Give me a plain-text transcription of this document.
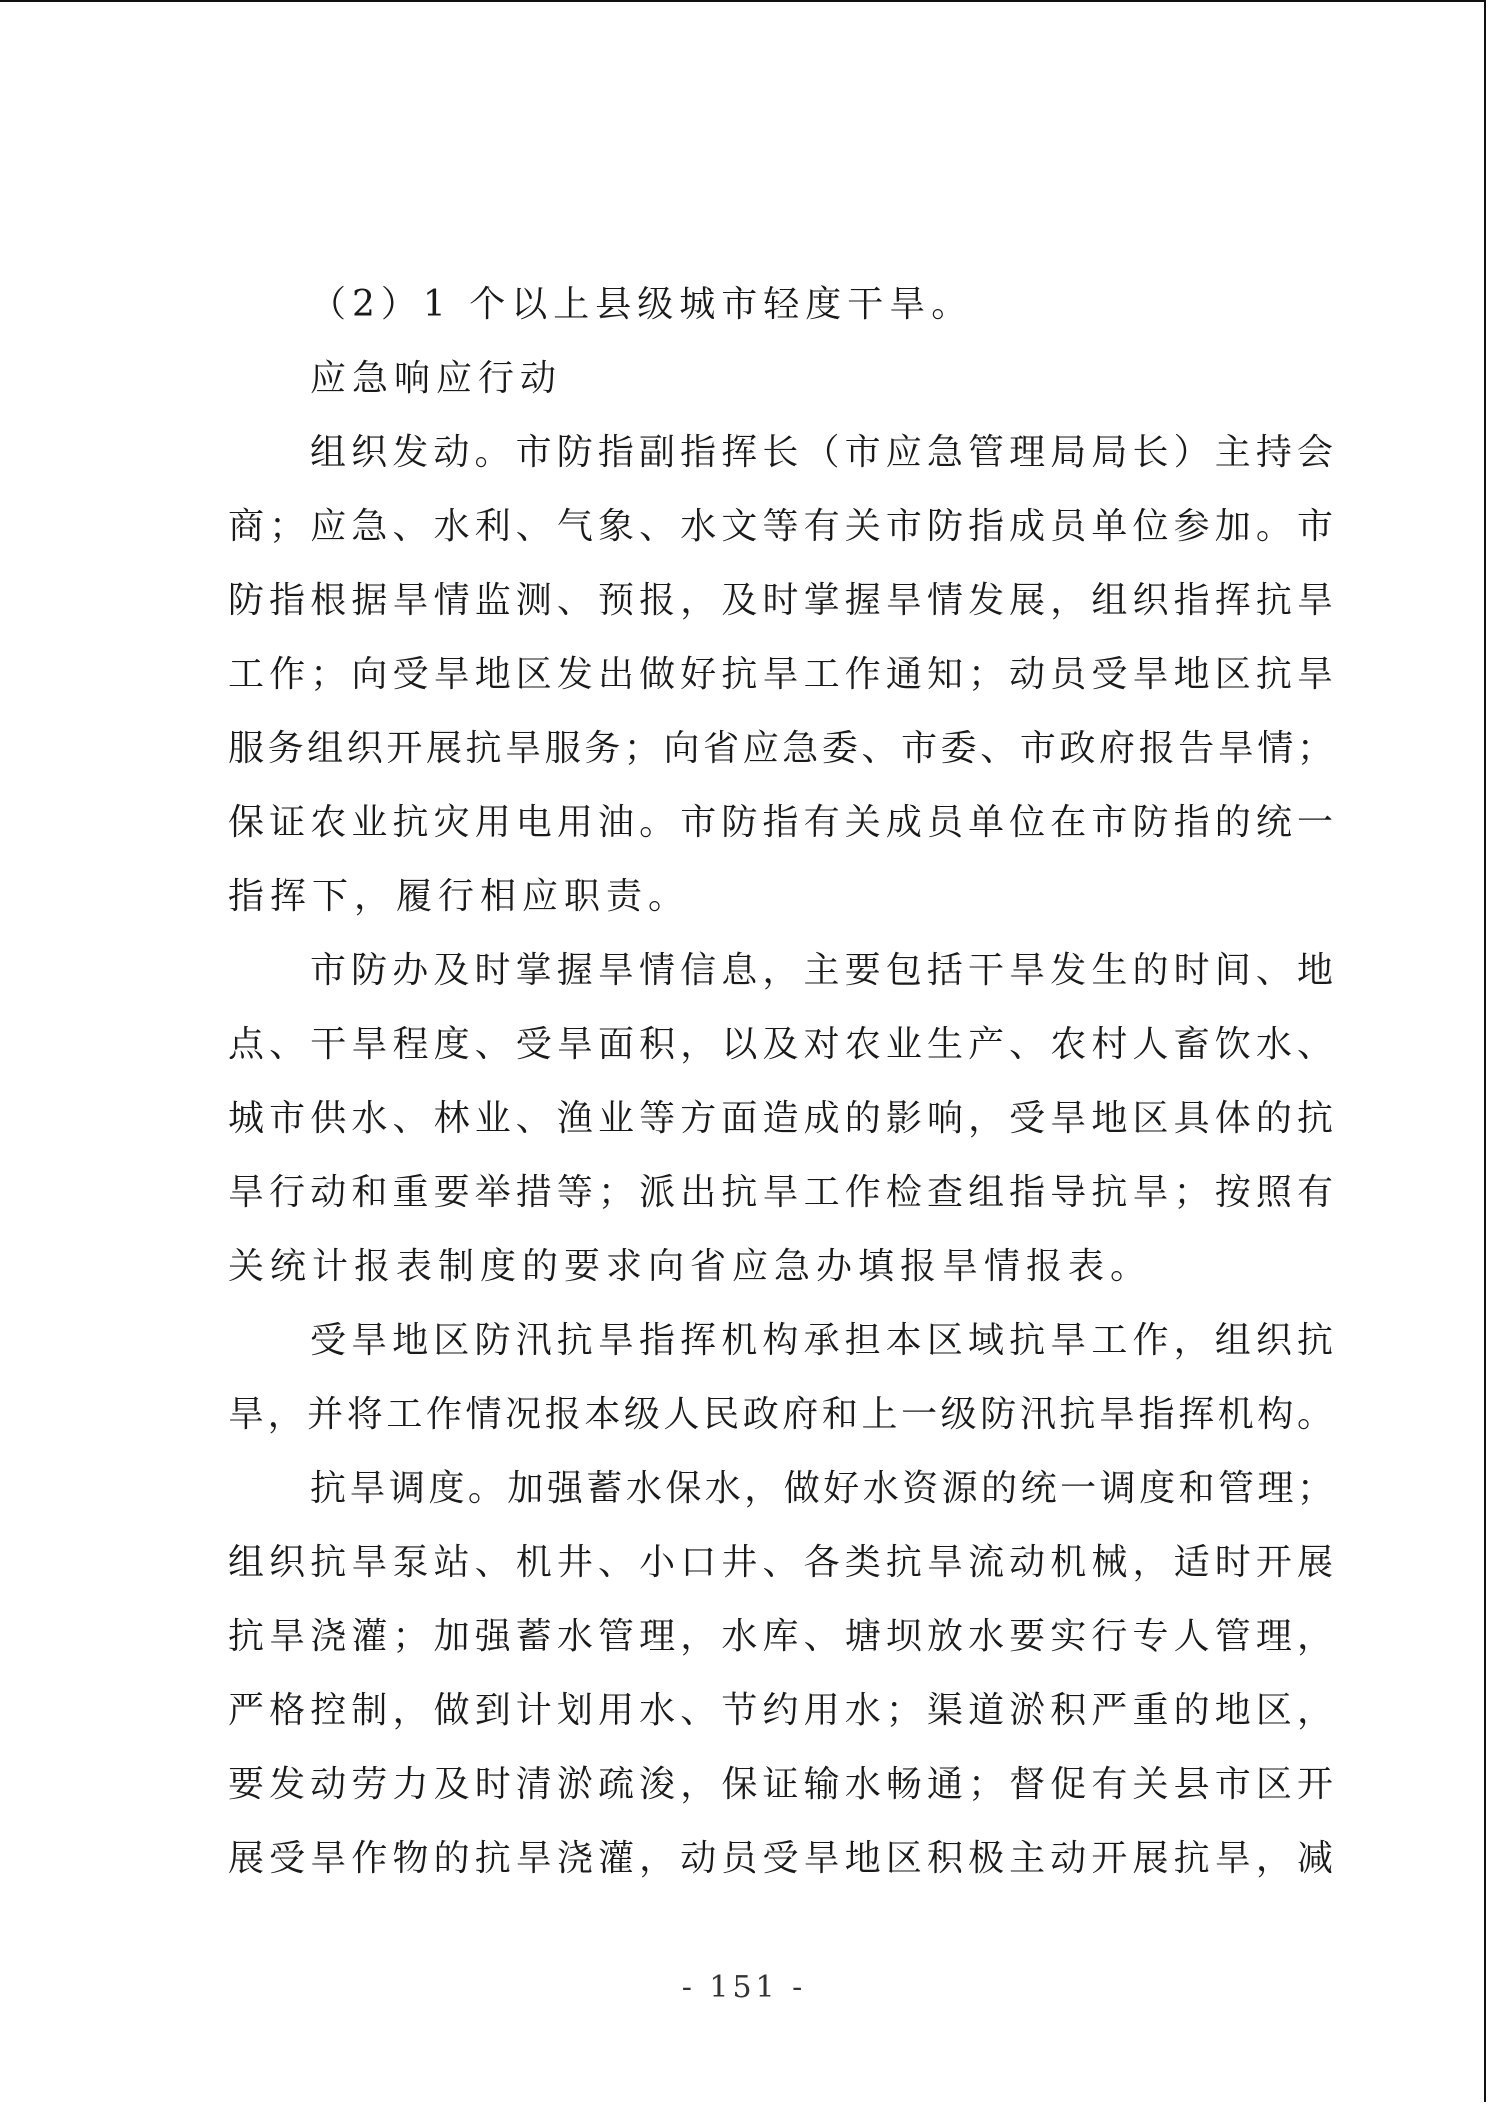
（2）1 个以上县级城市轻度干旱。
应急响应行动
组织发动。市防指副指挥长（市应急管理局局长）主持会
商；应急、水利、气象、水文等有关市防指成员单位参加。市
防指根据旱情监测、预报，及时掌握旱情发展，组织指挥抗旱
工作；向受旱地区发出做好抗旱工作通知；动员受旱地区抗旱
服务组织开展抗旱服务；向省应急委、市委、市政府报告旱情；
保证农业抗灾用电用油。市防指有关成员单位在市防指的统一
指挥下，履行相应职责。
市防办及时掌握旱情信息，主要包括干旱发生的时间、地
点、干旱程度、受旱面积，以及对农业生产、农村人畜饮水、
城市供水、林业、渔业等方面造成的影响，受旱地区具体的抗
旱行动和重要举措等；派出抗旱工作检查组指导抗旱；按照有
关统计报表制度的要求向省应急办填报旱情报表。
受旱地区防汛抗旱指挥机构承担本区域抗旱工作，组织抗
旱，并将工作情况报本级人民政府和上一级防汛抗旱指挥机构。
抗旱调度。加强蓄水保水，做好水资源的统一调度和管理；
组织抗旱泵站、机井、小口井、各类抗旱流动机械，适时开展
抗旱浇灌；加强蓄水管理，水库、塘坝放水要实行专人管理，
严格控制，做到计划用水、节约用水；渠道淤积严重的地区，
要发动劳力及时清淤疏浚，保证输水畅通；督促有关县市区开
展受旱作物的抗旱浇灌，动员受旱地区积极主动开展抗旱，减
- 151 -
